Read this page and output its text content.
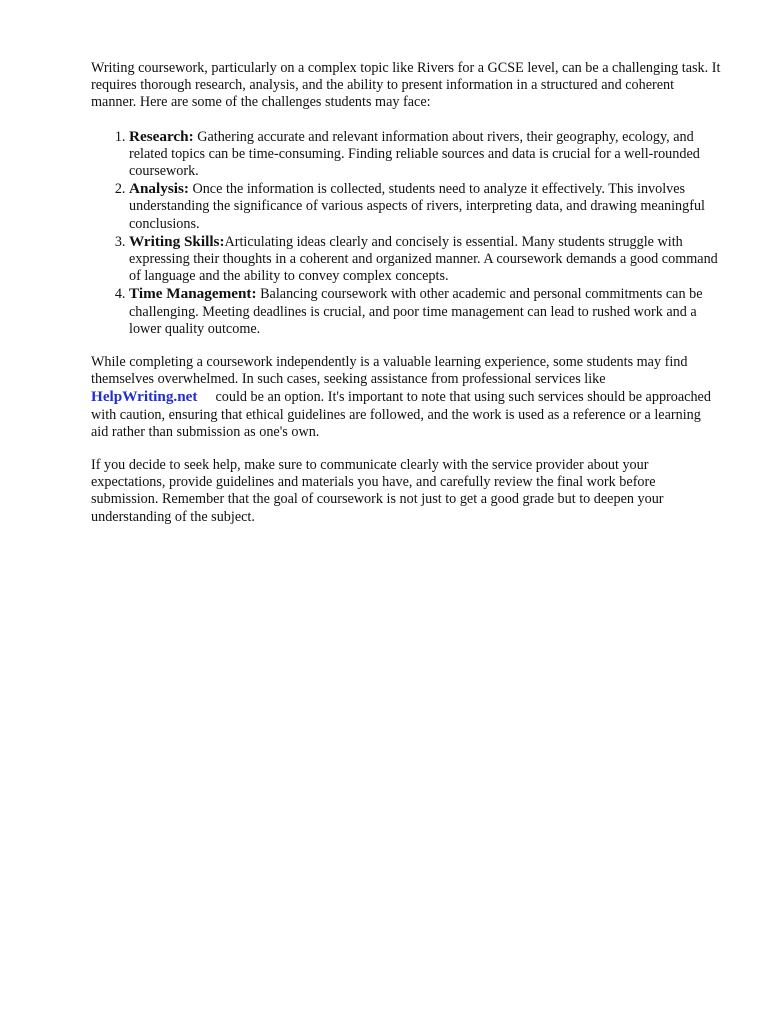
Writing coursework, particularly on a complex topic like Rivers for a GCSE level, can be a challenging task. It requires thorough research, analysis, and the ability to present information in a structured and coherent manner. Here are some of the challenges students may face:

1. Research: Gathering accurate and relevant information about rivers, their geography, ecology, and related topics can be time-consuming. Finding reliable sources and data is crucial for a well-rounded coursework.
2. Analysis: Once the information is collected, students need to analyze it effectively. This involves understanding the significance of various aspects of rivers, interpreting data, and drawing meaningful conclusions.
3. Writing Skills:Articulating ideas clearly and concisely is essential. Many students struggle with expressing their thoughts in a coherent and organized manner. A coursework demands a good command of language and the ability to convey complex concepts.
4. Time Management: Balancing coursework with other academic and personal commitments can be challenging. Meeting deadlines is crucial, and poor time management can lead to rushed work and a lower quality outcome.

While completing a coursework independently is a valuable learning experience, some students may find themselves overwhelmed. In such cases, seeking assistance from professional services like HelpWriting.net could be an option. It's important to note that using such services should be approached with caution, ensuring that ethical guidelines are followed, and the work is used as a reference or a learning aid rather than submission as one's own.

If you decide to seek help, make sure to communicate clearly with the service provider about your expectations, provide guidelines and materials you have, and carefully review the final work before submission. Remember that the goal of coursework is not just to get a good grade but to deepen your understanding of the subject.
